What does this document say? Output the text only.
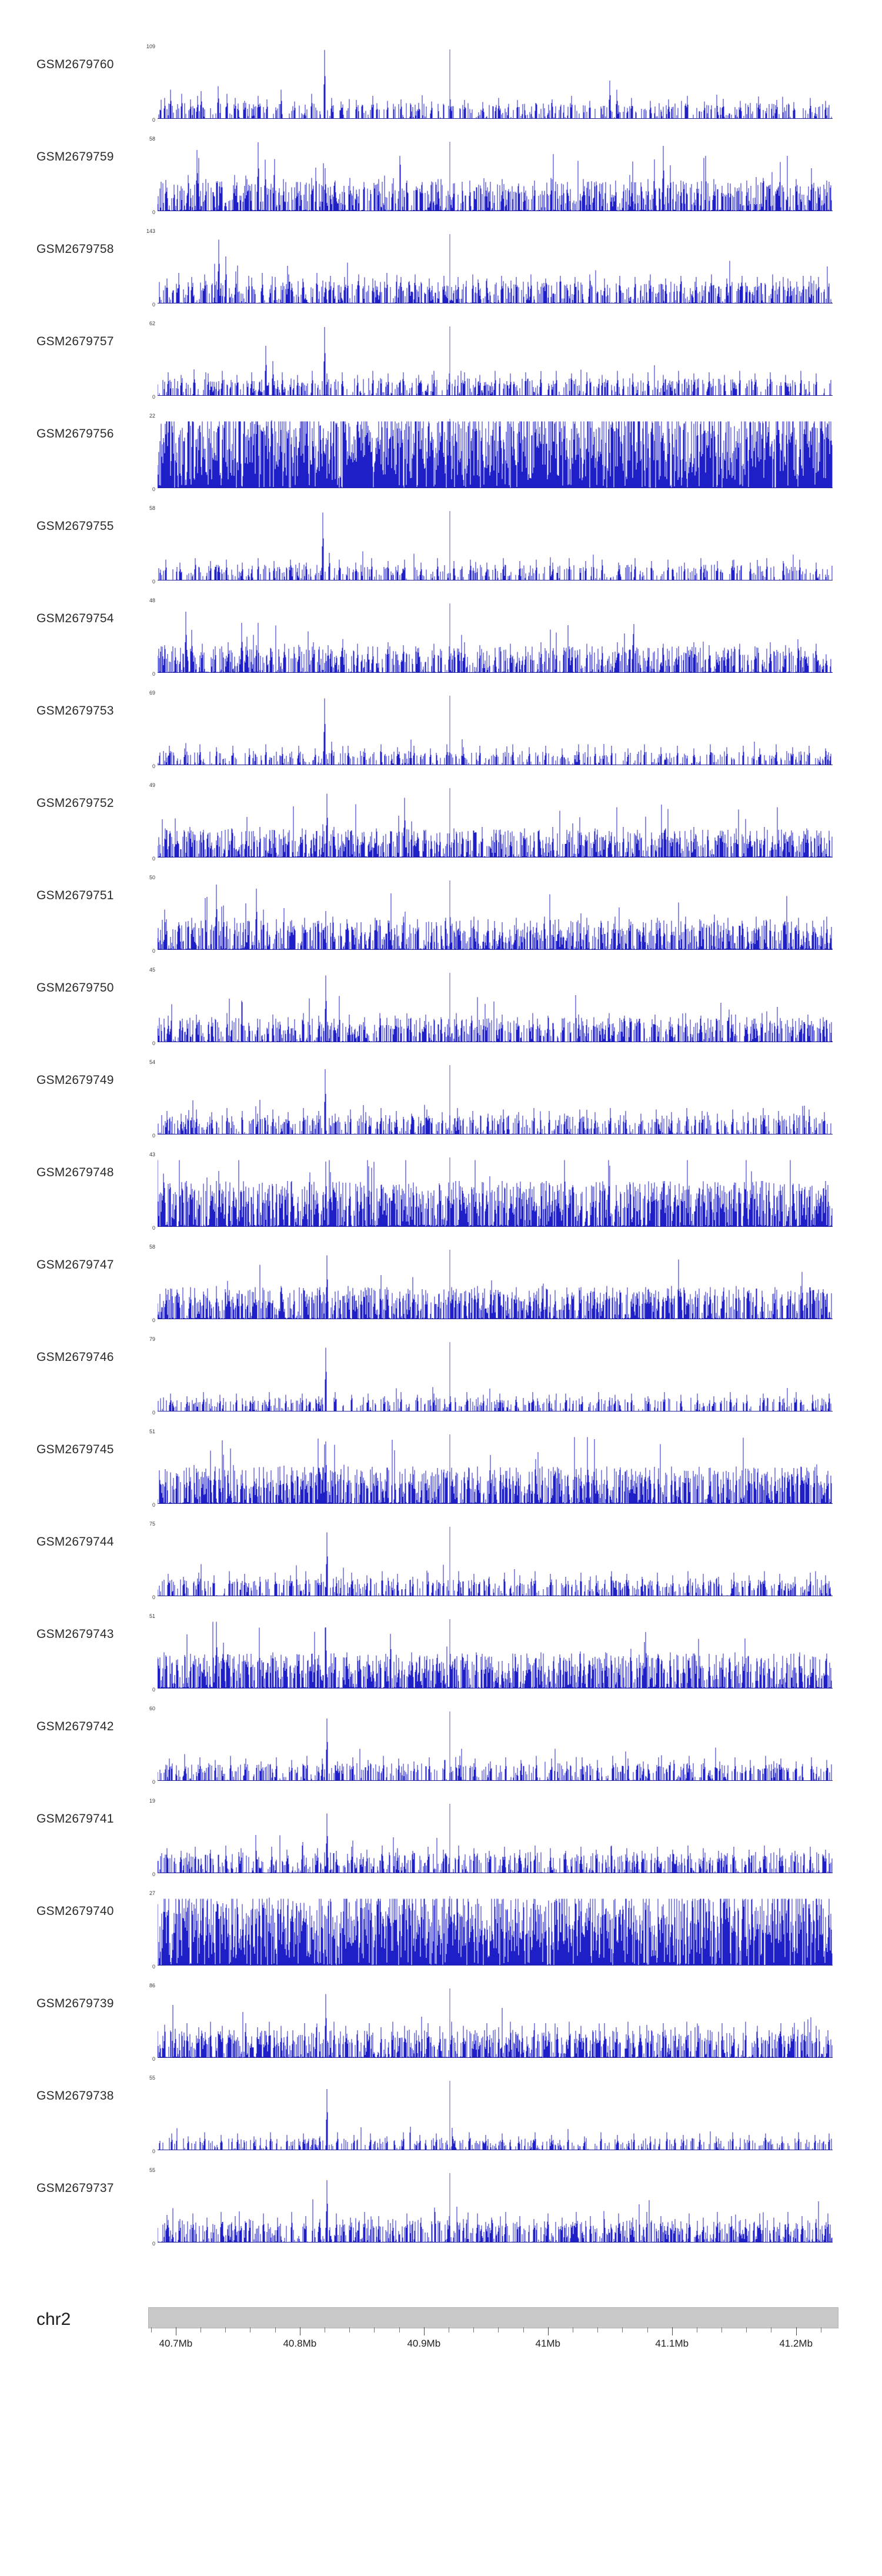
GSM2679760
109
0
GSM2679759
58
0
GSM2679758
143
0
GSM2679757
62
0
GSM2679756
22
0
GSM2679755
58
0
GSM2679754
48
0
GSM2679753
69
0
GSM2679752
49
0
GSM2679751
50
0
GSM2679750
45
0
GSM2679749
54
0
GSM2679748
43
0
GSM2679747
58
0
GSM2679746
79
0
GSM2679745
51
0
GSM2679744
75
0
GSM2679743
51
0
GSM2679742
60
0
GSM2679741
19
0
GSM2679740
27
0
GSM2679739
86
0
GSM2679738
55
0
GSM2679737
55
0
chr2
40.7Mb	40.8Mb	40.9Mb	41Mb	41.1Mb	41.2Mb
